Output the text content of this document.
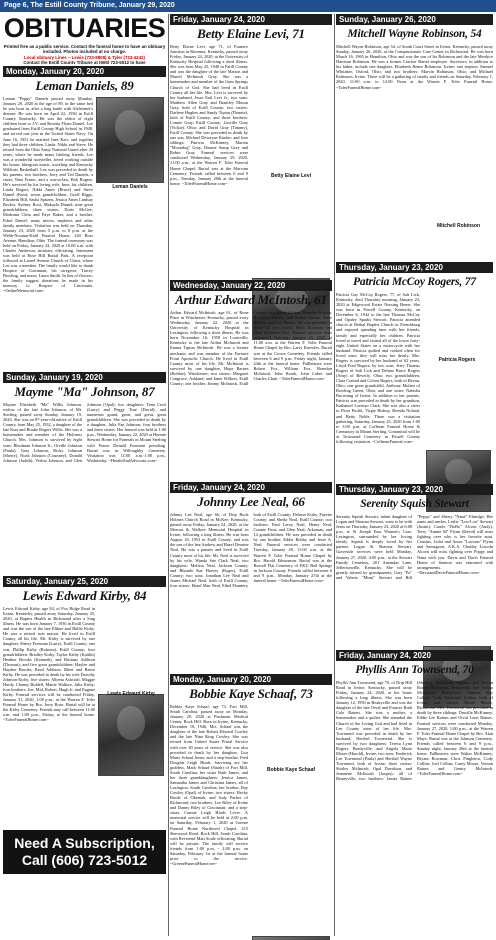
Page 6, The Estill County Tribune, January 29, 2020
OBITUARIES
Printed free as a public service. Contact the funeral home to have an obituary included. Photos included at no charge.
Local obituary Lines – Lewis (723-8808) & Tyler (723-4242)
Contact the Estill County Tribune at (606) 723-5012 to have
Monday, January 20, 2020
Leman Daniels, 89
Leman Daniels
Leman "Peppy" Daniels passed away Monday, January 20, 2020 at the age of 89, in the same bed he was born in, after a long battle with Alzheimer's disease. He was born on April 22, 1930 in Estill County, Kentucky. He was the oldest of eight children born to J.V. and Rosetta Flynn Daniel. Lee graduated from Estill County High School in 1948, and served one year in the United States Navy. On June 16, 1951 he married Inez Kerr, and together they had three children, Linda, Nikki and Steve. He retired from the Ohio Army National Guard after 30 years, where he made many lifelong friends. Lee was a wonderful storyteller, loved working outside his house, bluegrass music, traveling and Kentucky Wildcats Basketball. Lee was preceded in death by his parents, two brothers, Jerry and Ted Daniels; a sister, Nina Frazer, and a son-in-law, Bob Rogers. He's survived by his loving wife, Inez; his children, Linda Rogers, Nikki Ames (Bruce) and Steve Daniel (Kim); seven grandchildren, Geoff Riggs, Elizabeth Hill, Sasha Spitzen, Jessica Ames Lindsay Becker, Sydney Root, Makayla Daniel; nine great grandchildren; three sisters, Doris McGee, Modeana Clem and Faye Baker, and a brother, Edsel Daniel; many nieces, nephews and other family members. Visitation was held on Thursday, January 23, 2020 from 5 p.m. to 8 p.m. at the Webb-Noonan-Kidd Funeral Home, 240 Boss Avenue, Hamilton, Ohio. The funeral ceremony was held on Friday, January 24, 2020 at 10:00 a.m. with Charles Anderson, minister, officiating. Interment was held at Rose Hill Burial Park. A reception followed at Laurel Avenue Church of Christ, where Lee was a member. The family would like to thank Hospice of Cincinnati, his caregiver, Tracey Bowling, and nurse, Laura Smith. In lieu of flowers, the family suggest donations be made in his memory to Hospice of Cincinnati. ~OnlineMemorial.com~
Sunday, January 19, 2020
Mayme "Ma" Johnson, 87
Mayme Elizabeth "Ma" Willis Johnson, widow of the late John Johnson, of Mt. Sterling, passed away Sunday, January 19, 2020. She was an 87-year-old native of Estill County, born May 25, 1932, a daughter of the late Kurt and Bradie Rogers Willis. She was a homemaker and member of the Holiness Church. Mrs. Johnson is survived by eight sons: Rhodman Johnson Jr., Orville Johnson (Paula), Gary Johnson, Ricky Johnson (Sherry), Noah Johnson (Courtney), Donald Johnson (Judith), Verlon Johnson, and Glen Johnson (Opal); two daughters: Tena Croft (Larry) and Peggy True (David); and numerous grand, great, and great, great grandchildren. She was preceded in death by a daughter, Julia Fae Johnson; four brothers and three sisters. Her funeral was held at 1:00 p.m., Wednesday, January 22, 2020 at Hermie Stewart Home for Funerals in Mount Sterling with Pastor Donald Fountain presiding. Burial was in Willoughby Cemetery. Visitation was 11:00 a.m.-1:00 p.m., Wednesday. ~HeraldAndAdvocate.com~
Saturday, January 25, 2020
Lewis Edward Kirby, 84
Lewis Edward Kirby
Lewis Edward Kirby, age 84, of Fox Ridge Road in Irvine, Kentucky, passed away Saturday, January 25, 2020, at Baptist Health in Richmond after a long illness. He was born January 7, 1936 in Estill County and was the son of the late Elihue and Hallie Kirby. He was a retired iron mason. He lived in Estill County all his life. Mr. Kirby is survived by one daughter, Sherry Freeman (Larry), Estill County; one son, Phillip Kirby (Roberta), Estill County; four grandchildren: Bradley Kirby, Taylor Kirby (Kaitlin) Heather Brooks (Kenneth), and Brittany Addison (Thomas); and five great grandchildren: Haylee and Hayden Brooks, Reed Addison, Rhett and Reese Kirby. He was preceded in death by his wife Dorothy Johnson Kirby; five sisters: Alberta Ashcraft, Maggie Hardy, Chaney Riddell, Mattie Wallace, Julia Kirby; four brothers: Joe, Mid, Robert, Hugh Jr. and Eugene Kirby. Funeral services will be conducted Friday, January 31, 2020, 1:00 p.m., at the Warren F. Toler Funeral Home by Bro. Jerry Rose. Burial will be at the Kirby Cemetery. Friends may call between 11:00 a.m. and 1:00 p.m., Friday, at the funeral home. ~TolerFuneralHome.com~
Need A Subscription,
Call (606) 723-5012
Friday, January 24, 2020
Betty Elaine Levi, 71
Betty Elaine Levi
Betty Elaine Levi, age 71, of Furnace Junction in Ravenna, Kentucky, passed away Friday, January 24, 2020, at the University of Kentucky Hospital following a short illness. She was born May 25, 1948 in Estill County and was the daughter of the late Marion and Muriel McIntosh Gray. She was a homemaker and member of the Gum Springs Church of God. She had lived in Estill County all her life. Mrs. Levi is survived by her husband, Jesse Earl Levi Jr.; two sons: Matthew Allen Gray and Brantley Mason Gray, both of Estill County; two sisters: Darlene Hughes and Sandy Tipton (Donnie), both of Estill County; and three brothers: Lonnie Gray, Estill County; Linville Gray (Vickie), Ohio; and David Gray (Tammy), Estill County. She was preceded in death by one son, Michael Dewayne Kinder; and four siblings: Patricia McKinney, Marion "Moondog" Gray, Donnie Sump Gray and Robin Gray. Funeral services were conducted Wednesday, January 29, 2020, 11:00 a.m., at the Warren F. Toler Funeral Home Chapel. Burial was at the Marcum Cemetery. Friends called between 6 and 9 p.m., Tuesday, January 28th at the funeral home. ~TolerFuneralHome.com~
Wednesday, January 22, 2020
Arthur Edward McIntosh, 61
Arthur Edward McIntosh, age 61, of Bone Place in Winchester, Kentucky, passed away Wednesday, January 22, 2020 at the University of Kentucky Hospital in Lexington, following a short illness. He was born November 16, 1958 in Louisville, Kentucky to the late Arthur McIntosh and Emma Tipton McIntosh. He was a former mechanic and was member of the Furnace Point Apostolic Church. He lived in Estill County most of his life. Mr. McIntosh is survived by one daughter, Hope Barnes (Robbie), Winchester; two sisters: Margaret Congrove, Ashland; and Janet Wilkers, Estill County; one brother, Jimmy McIntosh, Estill County; two grandchildren: Kenadee Bowen, Brockton Barnes, and Kaiten Barnes, Kase Barnes, and Lira Barnes. He was preceded in death by two sisters, Mary Bowman and Dora McIntosh Fox. Funeral services were conducted Saturday, January 25, 2020, at 11:00 a.m. at the Warren F. Toler Funeral Home Chapel by Bro. Larry Knowles. Burial was at the Crowe Cemetery. Friends called between 6 and 9 p.m. Friday night, January 24th at the funeral home. Pallbearers were Robert Fox, William Fox, Brandon McIntosh, John Roark, John Lakes and Charles Clark. ~TolerFuneralHome.com~
Friday, January 24, 2020
Johnny Lee Neal, 66
Johnny Lee Neal, age 66, of Drip Rock Holmes Church Road in McKee, Kentucky, passed away Friday, January 24, 2020, at the Mercon & Wallace Memorial Hospital in Irvine, following a long illness. He was born August 18, 1953 in Estill County, and was the son of the late Andrew and Hazel Dearine Neal. He was a painter and lived in Estill County most of his life. Mr. Neal is survived by his wife, Wanda Sue Clark Neal; two daughters: Melissa Neal, Jackson County; and Rhonda Sue Harvey (Roger), Estill County; two sons: Jonathan Lee Neal and James Michael Neal, both of Estill County; four sisters: Hazel Mae Neal, Ethel Flannery, both of Estill County; Delorse Kirby, Fayette County; and Sheila Neal, Estill County; two brothers: Paul Leroy Neal, Henry Neal, Connie Frost, and Glen Neal; Arkansas; and 14 grandchildren. He was preceded in death by one brother, Eddie Bobby and Jesse A. Neal. Funeral services were conducted Tuesday, January 28, 11:00 a.m. at the Warren F. Toler Funeral Home Chapel by Bro. Harold Edmonson. Burial was at the Russell Flat Cemetery of EKU Bed Springs in Jackson County. Friends called between 6 and 9 p.m., Monday, January 27th at the funeral home. ~TolerFuneralHome.com~
Monday, January 20, 2020
Bobbie Kaye Schaaf, 73
Bobbie Kaye Schaaf
Bobbie Kaye Schaaf, age 73, Fort Mill, South Carolina, passed away on Monday, January 20, 2020 at Piedmont Medical Center, Rock Hill. Born in Irvine, Kentucky, December 18, 1946, Mrs. Schaaf was the daughter of the late Robert Edward Cowley and the late Nina King Cowley. She was retired from United States Postal Service with over 30 years of service. She was also preceded in death by her daughter, Lisa Marie Schaaf Jones; and a step-brother, Fred Douglas Leigh Hinds. Surviving are her goddess, Mark Schaaf (Sarah) of Fort Mill, South Carolina; her sister Ruth James, and her three granddaughters: Jessica James, Samantha James and Christina James, all of Lexington, South Carolina; her brother, Ray Cowley (Opal) of Irvine; two sisters: Becky Brode of Okemah, and Judy Parker of Richmond; two brothers, Lee Riley of Irvine and Danny Riley of Cincinnati; and a step-sister, Connie Leigh Hinds Lever. A memorial service will be held at 2:00 p.m. on Saturday, February 1, 2020 at Greene Funeral Home Northwest Chapel, 215 Sherwood Road, Rock Hill, South Carolina, with Reverend Matt Soule officiating. Burial will be private. The family will receive friends from 1:00 p.m. - 2:00 p.m. on Saturday, February 1st at the funeral home prior to the service. ~GreeneFuneralHome.net~
Sunday, January 26, 2020
Mitchell Wayne Robinson, 54
Mitchell Robinson
Mitchell Wayne Robinson, age 54, of South Court Street in Irvine, Kentucky, passed away Sunday, January 26, 2020, at the Compassionate Care Center in Richmond. He was born March 16, 1965 in Hamilton, Ohio and was the son of Ira Robinson and the late Merdyce Harrison Robinson. He was a former Cracker Barrel employee. Survivors, in addition to his father, include one daughter, Elizabeth Renee Robinson, Irvine; one stepson, Samuel Whitaker, Oxford, Ohio; and two brothers: Marvin Robinson, Ohio; and Michael Robinson, Irvine. There will be a gathering of family and friends on Saturday, February 1, 2020, 11:00 a.m. to 12:00 Noon at the Warren F. Toler Funeral Home. ~TolerFuneralHome.com~
Thursday, January 23, 2020
Patricia McCoy Rogers, 77
Patricia Rogers
Patricia Gay McCoy Rogers, 77, of Salt Lick, Kentucky, died Thursday morning, January 23, 2020 at Edgewood Estate Nursing Home. She was born in Powell County, Kentucky, on December 6, 1942 to the late Thomas McCoy and Opaley Sparks Stewart. Patricia attended church at Bethal Baptist Church in Frenchburg and enjoyed spending time with her friends, family and especially her children. Patricia loved to travel and visited all of the lower forty-eight United States on a motorcycle with her husband. Patricia quilted and cooked often for loved ones; they will miss her dearly. Mrs. Rogers is survived by her husband of 62 years, Lloyd Fred Rogers; by two sons, Jerry Thomas Rogers of Salt Lick and Delano Bruce Rogers (Amy) of Beverly, Ohio; two grandchildren, Clara Conrad and Colton Rogers, both of Bevan, Ohio; one great grandchild, Anthony Molani of Bowling Green, Ohio; and one sister, Natasha Browning of Irvine. In addition to her parents, Patricia was preceded in death by her grandson, Kathaniel Lorenzo Clark. She was also a sister to Flora Profitt, Virgie Bishop, Brenda Noland, and Betty Noble. There was a visitation gathering, Saturday, January 25, 2020 from 1:00 to 3:00 p.m. at Coffman Funeral Home & Crematory in Mount Sterling. Committal will be at Townsend Cemetery in Powell County following visitation. ~CoffmanFuneral.com~
Thursday, January 23, 2020
Serenity Squish Stewart
Serenity Squish Stewart, infant daughter of Logan and Shawna Stewart, went to be with Jesus on Thursday, January 23, 2020 at 6:08 p.m. at St Joseph East Women's Care, Lexington, surrounded by her loving family. Squish is deeply loved by her parents Logan & Shawna Stewart. Graveside services were held Monday, January 27, 2020, 4:00 p.m., at the Stewart Family Cemetery, 201 Amandas Lane, Jeffersonville, Kentucky. She will be greatly missed by grandparents, Gary "Pa" and Valerie "Mimi" Stewart and Bill "Poppy" and Sherry "Nana" Elmidge; Her aunts and uncles, Leslie "Lou-Lou" Stewart (Justin), Carole "BoBo" Alcorn (Andy), Terry "Auntie M" Flynn (David) will miss fighting over who is her favorite aunt. Cousins, Licha and Amos "Lucious" Flynn and Samagoon, A.K.A. Chubby Lincoln Alcorn will miss fighting over Poppy and Nana with you. Davis and Davis Funeral Home of Stanton was entrusted with arrangements. ~DavisandDavisFuneralHome.com~
Friday, January 24, 2020
Phyllis Ann Townsend, 70
Phyllis Ann Townsend, age 70, of Drip Hill Road in Irvine, Kentucky, passed away Friday, January 24, 2020, at her home following a long illness. She was born January 12, 1950 in Beattyville and was the daughter of the late Orval and Frances Ruth Cole Raines. She was a mother, a homemaker and a quilter. She attended the Church of the Living God and had lived in Lee County most of her life. Mrs. Townsend was preceded in death by her husband, Hershel Townsend. She is survived by two daughters: Teresa Lynn Rogers, Beattyville; and Angela Marie Moore (Harold), Irvine; two sons: Frederick Lee Townsend (Paula) and Hershel Wayne Townsend, both of Irvine; three sisters: Shirley McIntosh, Opal Davidson, and Jeannette McIntosh (Jasper); all of Beattyville; two brothers: James Raines (Shirley), Richmond, Indiana; and Vernon Raines (Shannon), Beattyville; and Joshua McGowan, Beattyville; Sabrina Ray Collins, Cody Nathaniel Collins, both of Irvine; and Caitlyn Nicole Moore, Richmond. Mrs. Townsend was preceded in death by three siblings: Drusilla McKinney, Eddie Lee Raines and Orval Leon Raines. Funeral services were conducted Monday, January 27, 2020, 1:00 p.m., at the Warren F. Toler Funeral Home Chapel by Bro. Alan Mays. Burial was at the Johnson Cemetery. Friends called between 6 and 9 p.m., Sunday night, January 26th at the funeral home. Pallbearers were Walter McKinney, Bryant Bowman, Chris Pingleton, Cody Collins, Joel Collins, Casey Moore, Vernon Raines and Gentry McIntosh. ~TolerFuneralHome.com~
